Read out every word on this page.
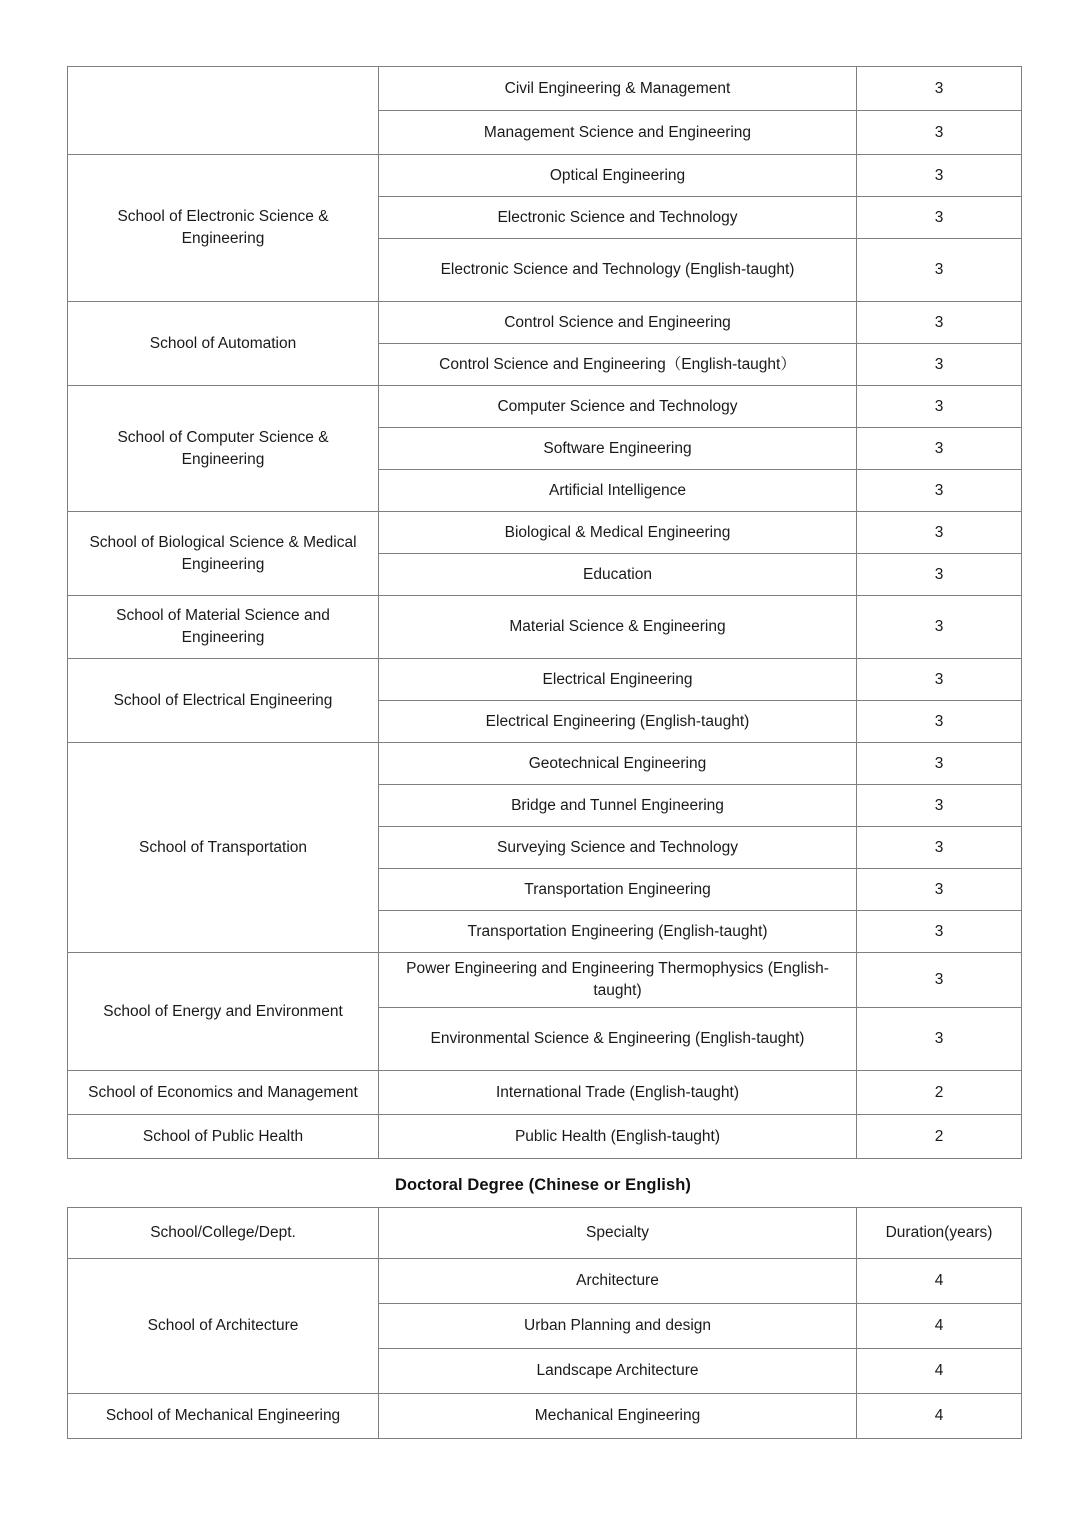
	Civil Engineering & Management	3
	Management Science and Engineering	3
School of Electronic Science & Engineering	Optical Engineering	3
	Electronic Science and Technology	3
	Electronic Science and Technology (English-taught)	3
School of Automation	Control Science and Engineering	3
	Control Science and Engineering（English-taught）	3
School of Computer Science & Engineering	Computer Science and Technology	3
	Software Engineering	3
	Artificial Intelligence	3
School of Biological Science & Medical Engineering	Biological & Medical Engineering	3
	Education	3
School of Material Science and Engineering	Material Science & Engineering	3
School of Electrical Engineering	Electrical Engineering	3
	Electrical Engineering (English-taught)	3
School of Transportation	Geotechnical Engineering	3
	Bridge and Tunnel Engineering	3
	Surveying Science and Technology	3
	Transportation Engineering	3
	Transportation Engineering (English-taught)	3
School of Energy and Environment	Power Engineering and Engineering Thermophysics (English-taught)	3
	Environmental Science & Engineering (English-taught)	3
School of Economics and Management	International Trade (English-taught)	2
School of Public Health	Public Health (English-taught)	2
Doctoral Degree (Chinese or English)
School/College/Dept.	Specialty	Duration(years)
School of Architecture	Architecture	4
	Urban Planning and design	4
	Landscape Architecture	4
School of Mechanical Engineering	Mechanical Engineering	4
